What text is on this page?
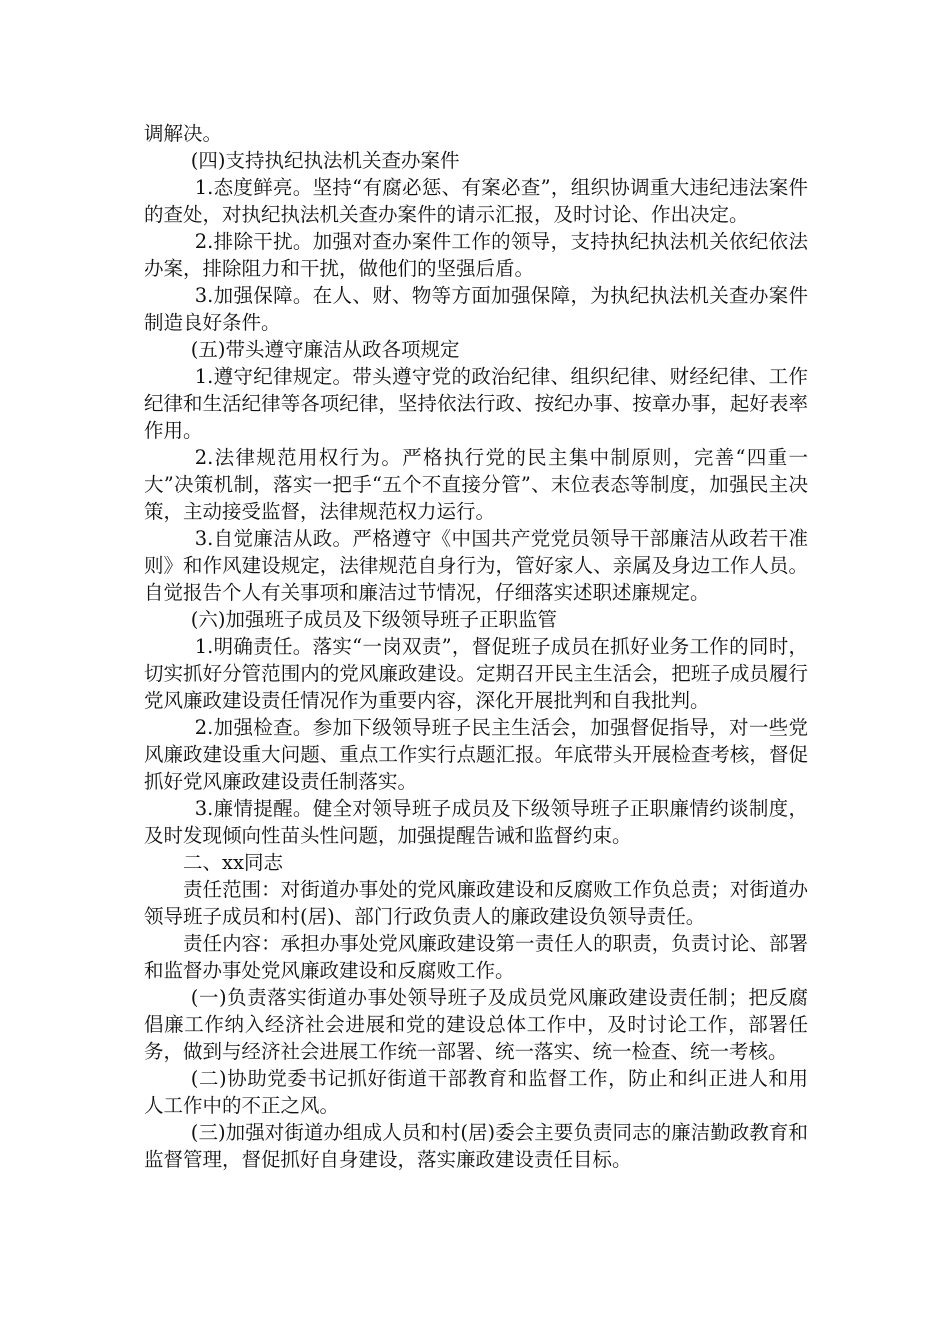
调解决。

(四)支持执纪执法机关查办案件

1.态度鲜亮。坚持“有腐必惩、有案必查”，组织协调重大违纪违法案件的查处，对执纪执法机关查办案件的请示汇报，及时讨论、作出决定。

2.排除干扰。加强对查办案件工作的领导，支持执纪执法机关依纪依法办案，排除阻力和干扰，做他们的坚强后盾。

3.加强保障。在人、财、物等方面加强保障，为执纪执法机关查办案件制造良好条件。

(五)带头遵守廉洁从政各项规定

1.遵守纪律规定。带头遵守党的政治纪律、组织纪律、财经纪律、工作纪律和生活纪律等各项纪律，坚持依法行政、按纪办事、按章办事，起好表率作用。

2.法律规范用权行为。严格执行党的民主集中制原则，完善“四重一大”决策机制，落实一把手“五个不直接分管”、末位表态等制度，加强民主决策，主动接受监督，法律规范权力运行。

3.自觉廉洁从政。严格遵守《中国共产党党员领导干部廉洁从政若干准则》和作风建设规定，法律规范自身行为，管好家人、亲属及身边工作人员。自觉报告个人有关事项和廉洁过节情况，仔细落实述职述廉规定。

(六)加强班子成员及下级领导班子正职监管

1.明确责任。落实“一岗双责”，督促班子成员在抓好业务工作的同时，切实抓好分管范围内的党风廉政建设。定期召开民主生活会，把班子成员履行党风廉政建设责任情况作为重要内容，深化开展批判和自我批判。

2.加强检查。参加下级领导班子民主生活会，加强督促指导，对一些党风廉政建设重大问题、重点工作实行点题汇报。年底带头开展检查考核，督促抓好党风廉政建设责任制落实。

3.廉情提醒。健全对领导班子成员及下级领导班子正职廉情约谈制度，及时发现倾向性苗头性问题，加强提醒告诫和监督约束。

二、xx同志

责任范围：对街道办事处的党风廉政建设和反腐败工作负总责；对街道办领导班子成员和村(居)、部门行政负责人的廉政建设负领导责任。

责任内容：承担办事处党风廉政建设第一责任人的职责，负责讨论、部署和监督办事处党风廉政建设和反腐败工作。

(一)负责落实街道办事处领导班子及成员党风廉政建设责任制；把反腐倡廉工作纳入经济社会进展和党的建设总体工作中，及时讨论工作，部署任务，做到与经济社会进展工作统一部署、统一落实、统一检查、统一考核。

(二)协助党委书记抓好街道干部教育和监督工作，防止和纠正进人和用人工作中的不正之风。

(三)加强对街道办组成人员和村(居)委会主要负责同志的廉洁勤政教育和监督管理，督促抓好自身建设，落实廉政建设责任目标。
